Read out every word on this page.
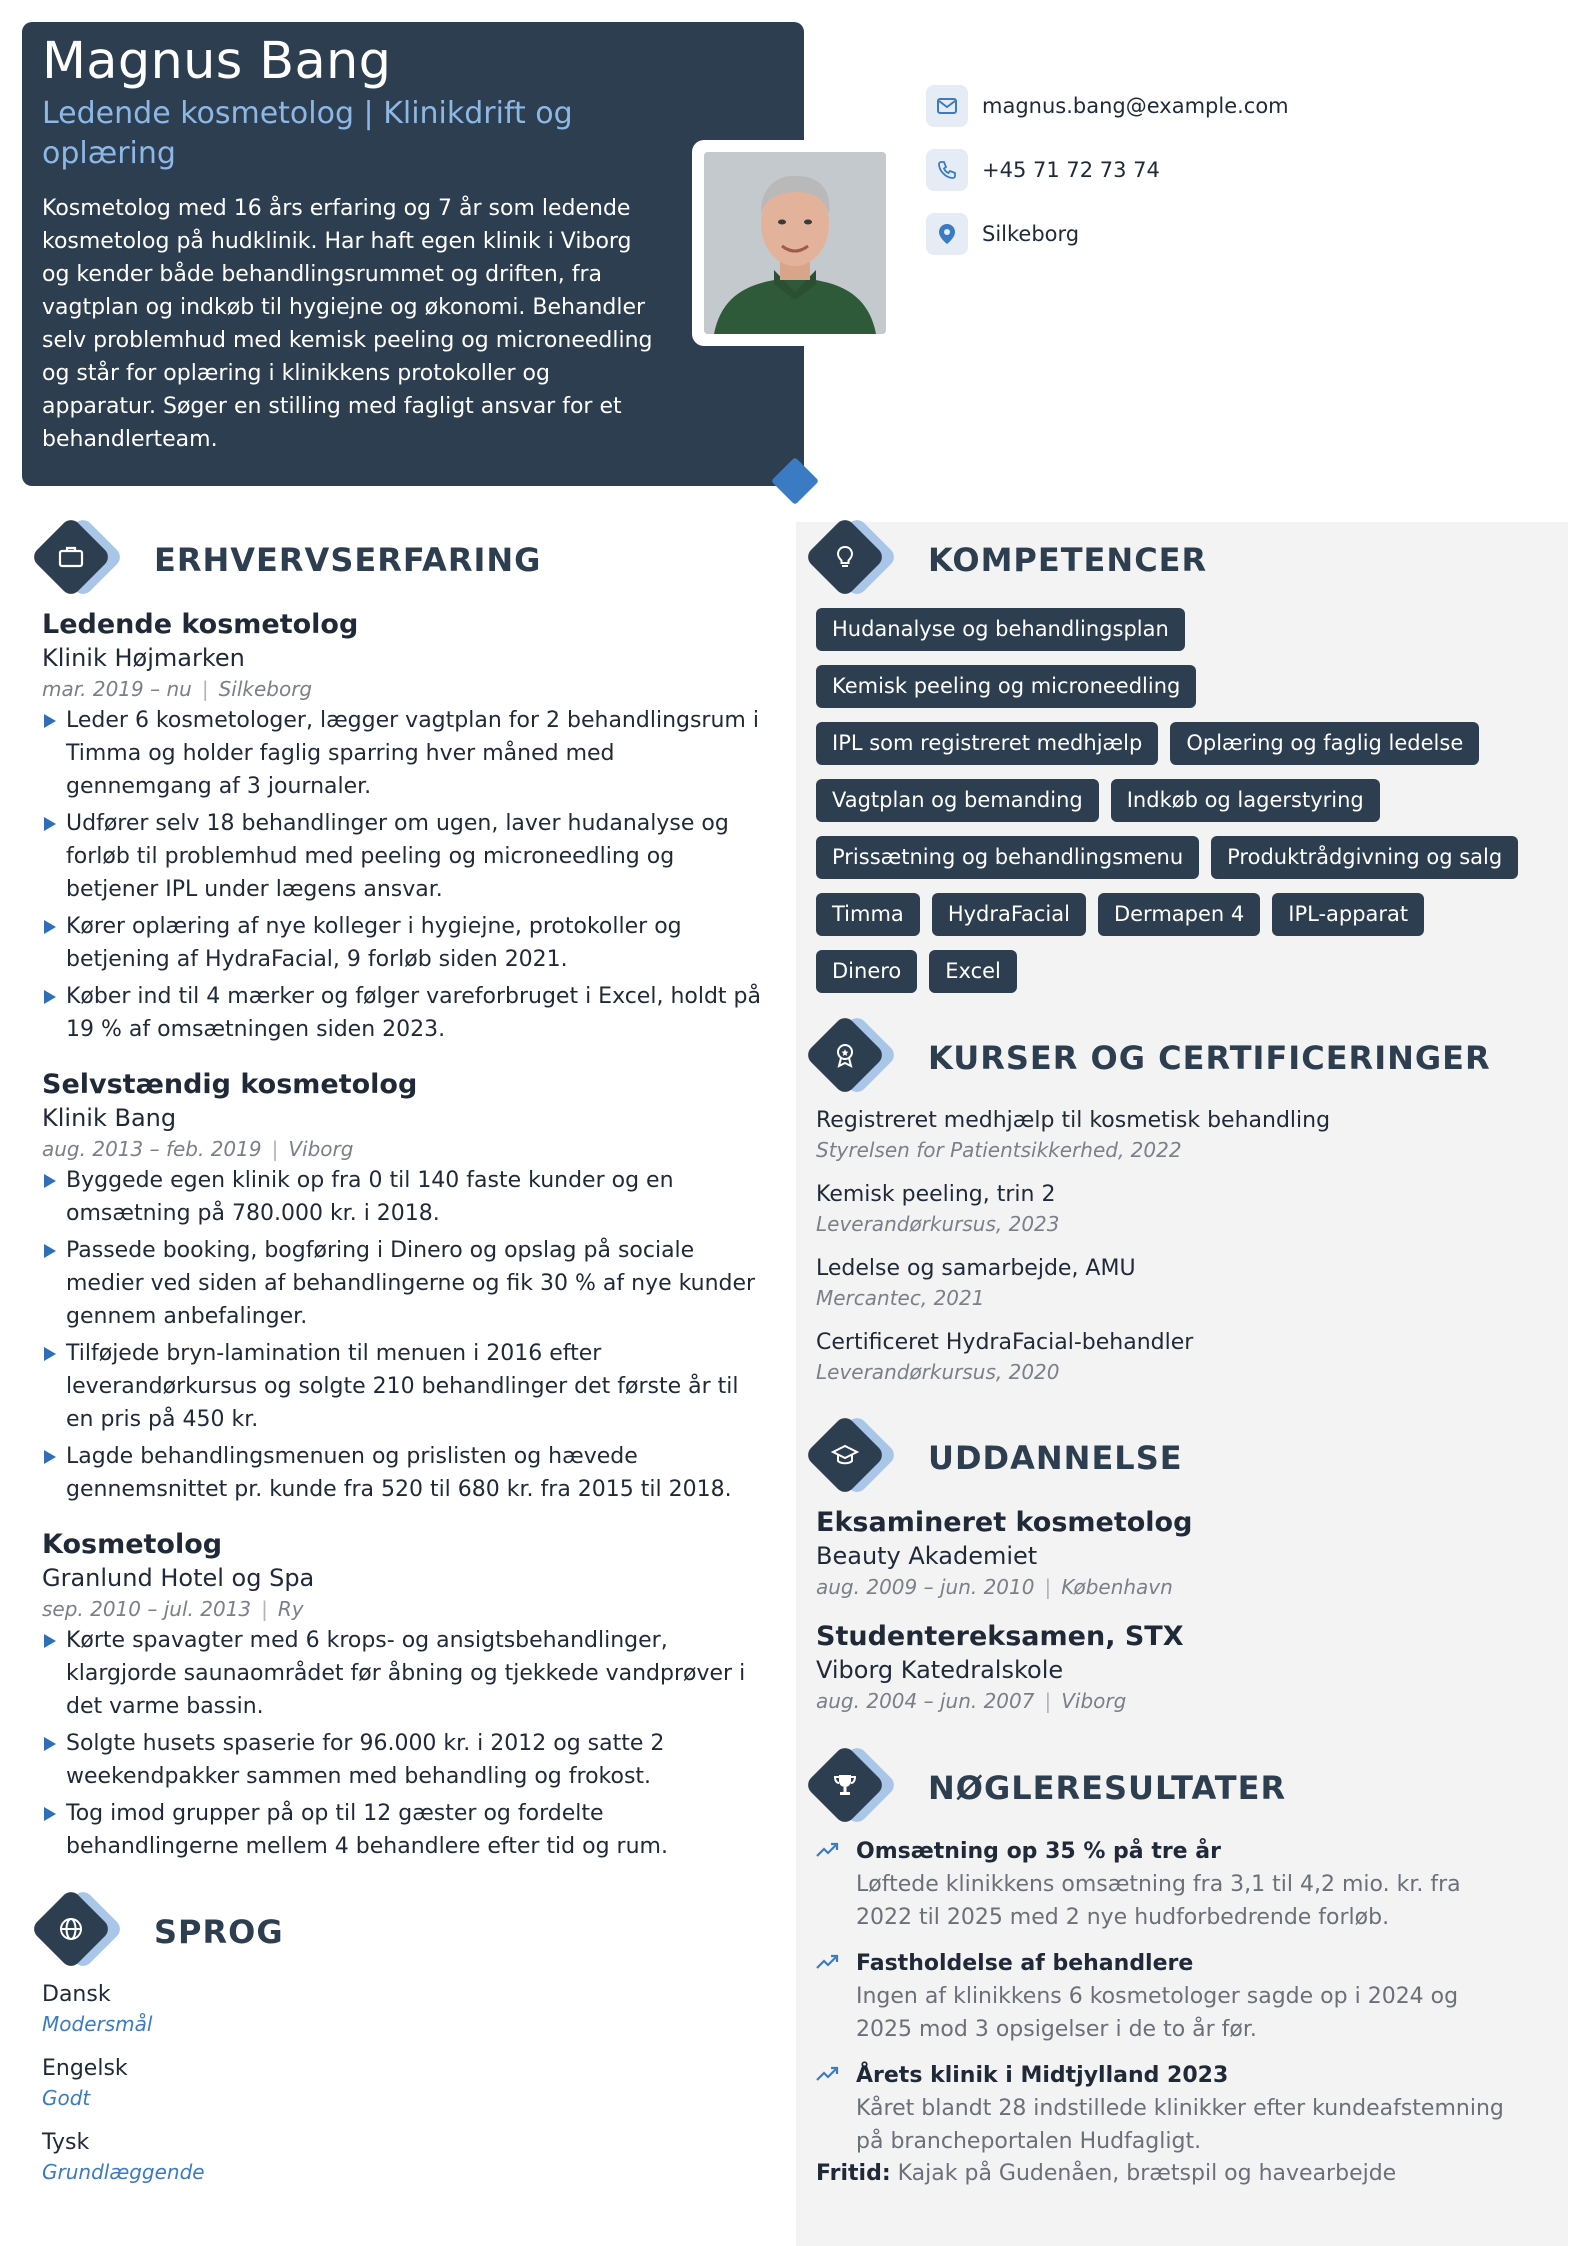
Magnus Bang
Ledende kosmetolog | Klinikdrift og oplæring
Kosmetolog med 16 års erfaring og 7 år som ledende kosmetolog på hudklinik. Har haft egen klinik i Viborg og kender både behandlingsrummet og driften, fra vagtplan og indkøb til hygiejne og økonomi. Behandler selv problemhud med kemisk peeling og microneedling og står for oplæring i klinikkens protokoller og apparatur. Søger en stilling med fagligt ansvar for et behandlerteam.
magnus.bang@example.com
+45 71 72 73 74
Silkeborg
ERHVERVSERFARING
Ledende kosmetolog
Klinik Højmarken
mar. 2019 – nu | Silkeborg
Leder 6 kosmetologer, lægger vagtplan for 2 behandlingsrum i Timma og holder faglig sparring hver måned med gennemgang af 3 journaler.
Udfører selv 18 behandlinger om ugen, laver hudanalyse og forløb til problemhud med peeling og microneedling og betjener IPL under lægens ansvar.
Kører oplæring af nye kolleger i hygiejne, protokoller og betjening af HydraFacial, 9 forløb siden 2021.
Køber ind til 4 mærker og følger vareforbruget i Excel, holdt på 19 % af omsætningen siden 2023.
Selvstændig kosmetolog
Klinik Bang
aug. 2013 – feb. 2019 | Viborg
Byggede egen klinik op fra 0 til 140 faste kunder og en omsætning på 780.000 kr. i 2018.
Passede booking, bogføring i Dinero og opslag på sociale medier ved siden af behandlingerne og fik 30 % af nye kunder gennem anbefalinger.
Tilføjede bryn-lamination til menuen i 2016 efter leverandørkursus og solgte 210 behandlinger det første år til en pris på 450 kr.
Lagde behandlingsmenuen og prislisten og hævede gennemsnittet pr. kunde fra 520 til 680 kr. fra 2015 til 2018.
Kosmetolog
Granlund Hotel og Spa
sep. 2010 – jul. 2013 | Ry
Kørte spavagter med 6 krops- og ansigtsbehandlinger, klargjorde saunaområdet før åbning og tjekkede vandprøver i det varme bassin.
Solgte husets spaserie for 96.000 kr. i 2012 og satte 2 weekendpakker sammen med behandling og frokost.
Tog imod grupper på op til 12 gæster og fordelte behandlingerne mellem 4 behandlere efter tid og rum.
SPROG
Dansk
Modersmål
Engelsk
Godt
Tysk
Grundlæggende
KOMPETENCER
Hudanalyse og behandlingsplan
Kemisk peeling og microneedling
IPL som registreret medhjælp	Oplæring og faglig ledelse
Vagtplan og bemanding	Indkøb og lagerstyring
Prissætning og behandlingsmenu	Produktrådgivning og salg
Timma	HydraFacial	Dermapen 4	IPL-apparat
Dinero	Excel
KURSER OG CERTIFICERINGER
Registreret medhjælp til kosmetisk behandling
Styrelsen for Patientsikkerhed, 2022
Kemisk peeling, trin 2
Leverandørkursus, 2023
Ledelse og samarbejde, AMU
Mercantec, 2021
Certificeret HydraFacial-behandler
Leverandørkursus, 2020
UDDANNELSE
Eksamineret kosmetolog
Beauty Akademiet
aug. 2009 – jun. 2010 | København
Studentereksamen, STX
Viborg Katedralskole
aug. 2004 – jun. 2007 | Viborg
NØGLERESULTATER
Omsætning op 35 % på tre år
Løftede klinikkens omsætning fra 3,1 til 4,2 mio. kr. fra 2022 til 2025 med 2 nye hudforbedrende forløb.
Fastholdelse af behandlere
Ingen af klinikkens 6 kosmetologer sagde op i 2024 og 2025 mod 3 opsigelser i de to år før.
Årets klinik i Midtjylland 2023
Kåret blandt 28 indstillede klinikker efter kundeafstemning på brancheportalen Hudfagligt.
Fritid: Kajak på Gudenåen, brætspil og havearbejde
